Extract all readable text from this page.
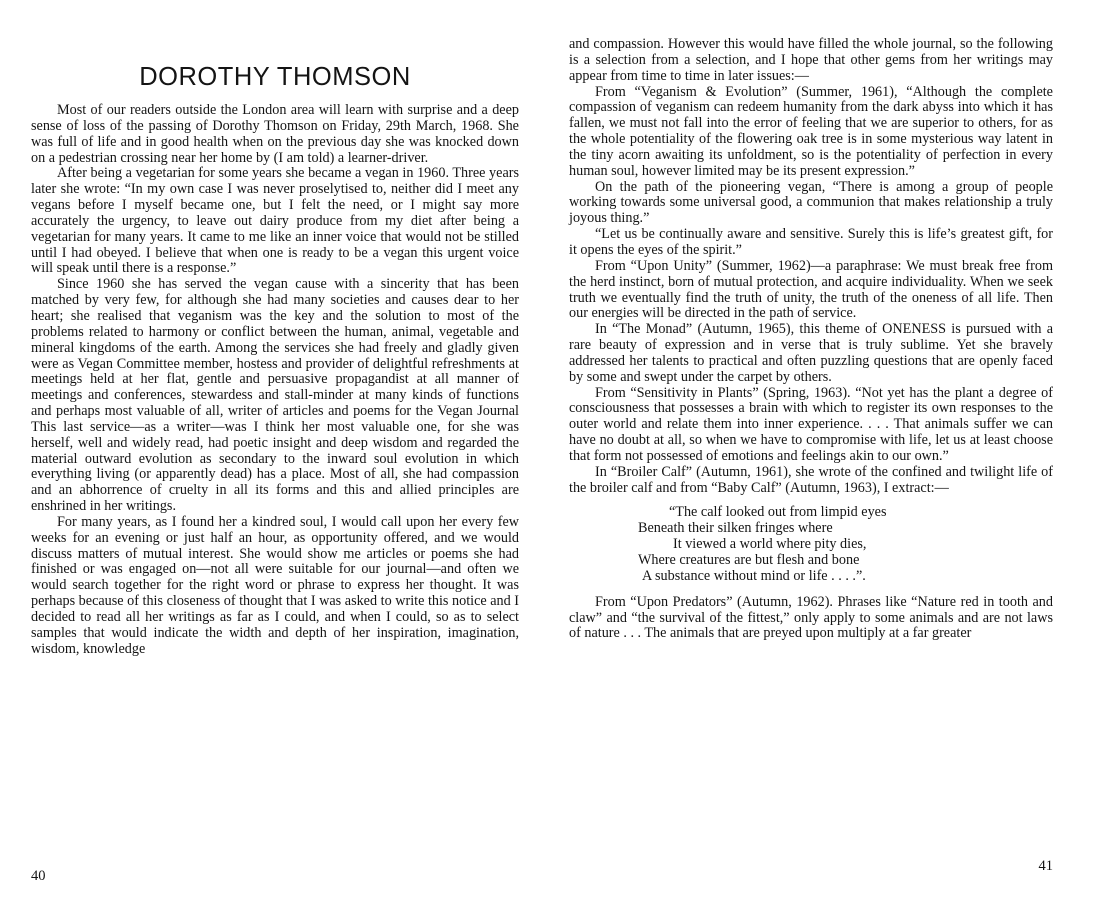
DOROTHY THOMSON

Most of our readers outside the London area will learn with surprise and a deep sense of loss of the passing of Dorothy Thomson on Friday, 29th March, 1968. She was full of life and in good health when on the previous day she was knocked down on a pedestrian crossing near her home by (I am told) a learner-driver.

After being a vegetarian for some years she became a vegan in 1960. Three years later she wrote: “In my own case I was never proselytised to, neither did I meet any vegans before I myself became one, but I felt the need, or I might say more accurately the urgency, to leave out dairy produce from my diet after being a vegetarian for many years. It came to me like an inner voice that would not be stilled until I had obeyed. I believe that when one is ready to be a vegan this urgent voice will speak until there is a response.”

Since 1960 she has served the vegan cause with a sincerity that has been matched by very few, for although she had many societies and causes dear to her heart; she realised that veganism was the key and the solution to most of the problems related to harmony or conflict between the human, animal, vegetable and mineral kingdoms of the earth. Among the services she had freely and gladly given were as Vegan Committee member, hostess and provider of delightful refreshments at meetings held at her flat, gentle and persuasive propagandist at all manner of meetings and conferences, stewardess and stall-minder at many kinds of functions and perhaps most valuable of all, writer of articles and poems for the Vegan Journal This last service—as a writer—was I think her most valuable one, for she was herself, well and widely read, had poetic insight and deep wisdom and regarded the material outward evolution as secondary to the inward soul evolution in which everything living (or apparently dead) has a place. Most of all, she had compassion and an abhorrence of cruelty in all its forms and this and allied principles are enshrined in her writings.

For many years, as I found her a kindred soul, I would call upon her every few weeks for an evening or just half an hour, as opportunity offered, and we would discuss matters of mutual interest. She would show me articles or poems she had finished or was engaged on—not all were suitable for our journal—and often we would search together for the right word or phrase to express her thought. It was perhaps because of this closeness of thought that I was asked to write this notice and I decided to read all her writings as far as I could, and when I could, so as to select samples that would indicate the width and depth of her inspiration, imagination, wisdom, knowledge

40

and compassion. However this would have filled the whole journal, so the following is a selection from a selection, and I hope that other gems from her writings may appear from time to time in later issues:—

From “Veganism & Evolution” (Summer, 1961), “Although the complete compassion of veganism can redeem humanity from the dark abyss into which it has fallen, we must not fall into the error of feeling that we are superior to others, for as the whole potentiality of the flowering oak tree is in some mysterious way latent in the tiny acorn awaiting its unfoldment, so is the potentiality of perfection in every human soul, however limited may be its present expression.”

On the path of the pioneering vegan, “There is among a group of people working towards some universal good, a communion that makes relationship a truly joyous thing.”

“Let us be continually aware and sensitive. Surely this is life’s greatest gift, for it opens the eyes of the spirit.”

From “Upon Unity” (Summer, 1962)—a paraphrase: We must break free from the herd instinct, born of mutual protection, and acquire individuality. When we seek truth we eventually find the truth of unity, the truth of the oneness of all life. Then our energies will be directed in the path of service.

In “The Monad” (Autumn, 1965), this theme of ONENESS is pursued with a rare beauty of expression and in verse that is truly sublime. Yet she bravely addressed her talents to practical and often puzzling questions that are openly faced by some and swept under the carpet by others.

From “Sensitivity in Plants” (Spring, 1963). “Not yet has the plant a degree of consciousness that possesses a brain with which to register its own responses to the outer world and relate them into inner experience. . . . That animals suffer we can have no doubt at all, so when we have to compromise with life, let us at least choose that form not possessed of emotions and feelings akin to our own.”

In “Broiler Calf” (Autumn, 1961), she wrote of the confined and twilight life of the broiler calf and from “Baby Calf” (Autumn, 1963), I extract:—

“The calf looked out from limpid eyes
Beneath their silken fringes where
It viewed a world where pity dies,
Where creatures are but flesh and bone
A substance without mind or life . . . .”.

From “Upon Predators” (Autumn, 1962). Phrases like “Nature red in tooth and claw” and “the survival of the fittest,” only apply to some animals and are not laws of nature . . . The animals that are preyed upon multiply at a far greater

41
